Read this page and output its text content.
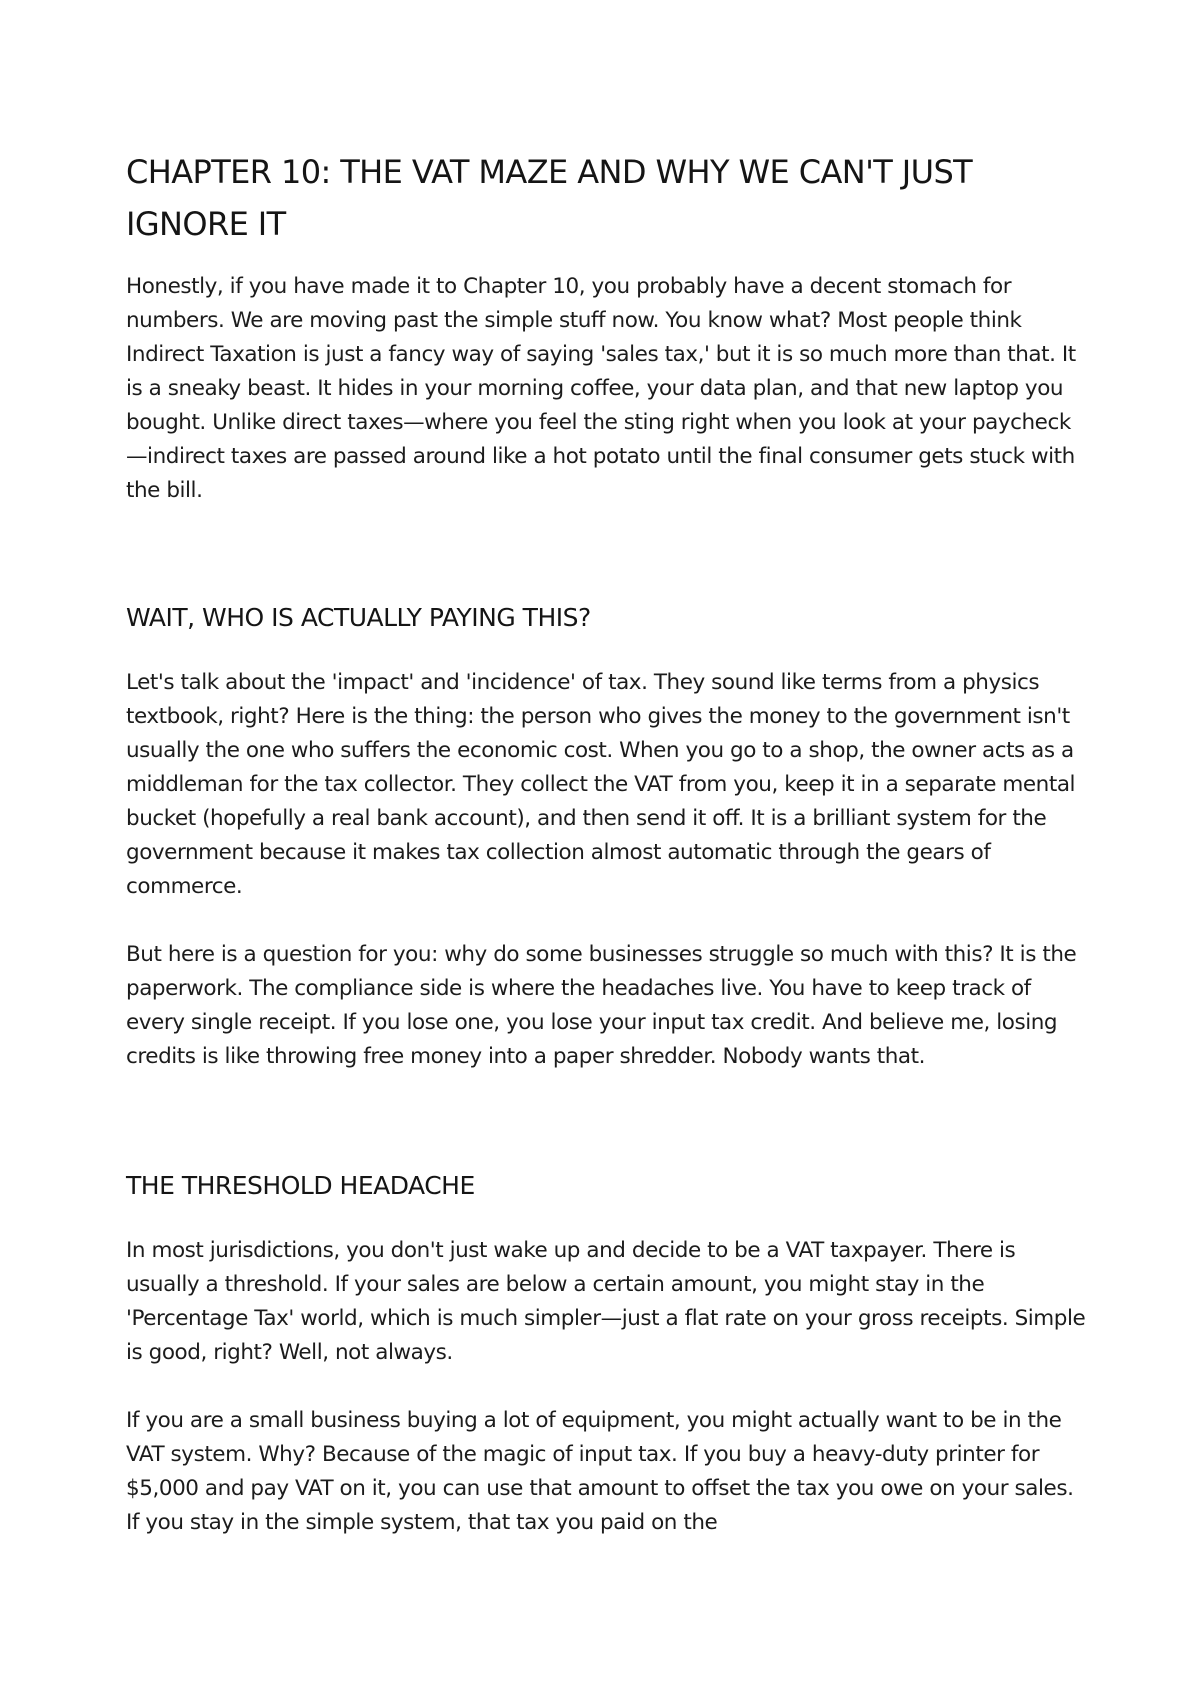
CHAPTER 10: THE VAT MAZE AND WHY WE CAN'T JUST IGNORE IT

Honestly, if you have made it to Chapter 10, you probably have a decent stomach for numbers. We are moving past the simple stuff now. You know what? Most people think Indirect Taxation is just a fancy way of saying 'sales tax,' but it is so much more than that. It is a sneaky beast. It hides in your morning coffee, your data plan, and that new laptop you bought. Unlike direct taxes—where you feel the sting right when you look at your paycheck—indirect taxes are passed around like a hot potato until the final consumer gets stuck with the bill.

WAIT, WHO IS ACTUALLY PAYING THIS?

Let's talk about the 'impact' and 'incidence' of tax. They sound like terms from a physics textbook, right? Here is the thing: the person who gives the money to the government isn't usually the one who suffers the economic cost. When you go to a shop, the owner acts as a middleman for the tax collector. They collect the VAT from you, keep it in a separate mental bucket (hopefully a real bank account), and then send it off. It is a brilliant system for the government because it makes tax collection almost automatic through the gears of commerce.

But here is a question for you: why do some businesses struggle so much with this? It is the paperwork. The compliance side is where the headaches live. You have to keep track of every single receipt. If you lose one, you lose your input tax credit. And believe me, losing credits is like throwing free money into a paper shredder. Nobody wants that.

THE THRESHOLD HEADACHE

In most jurisdictions, you don't just wake up and decide to be a VAT taxpayer. There is usually a threshold. If your sales are below a certain amount, you might stay in the 'Percentage Tax' world, which is much simpler—just a flat rate on your gross receipts. Simple is good, right? Well, not always.

If you are a small business buying a lot of equipment, you might actually want to be in the VAT system. Why? Because of the magic of input tax. If you buy a heavy-duty printer for $5,000 and pay VAT on it, you can use that amount to offset the tax you owe on your sales. If you stay in the simple system, that tax you paid on the
